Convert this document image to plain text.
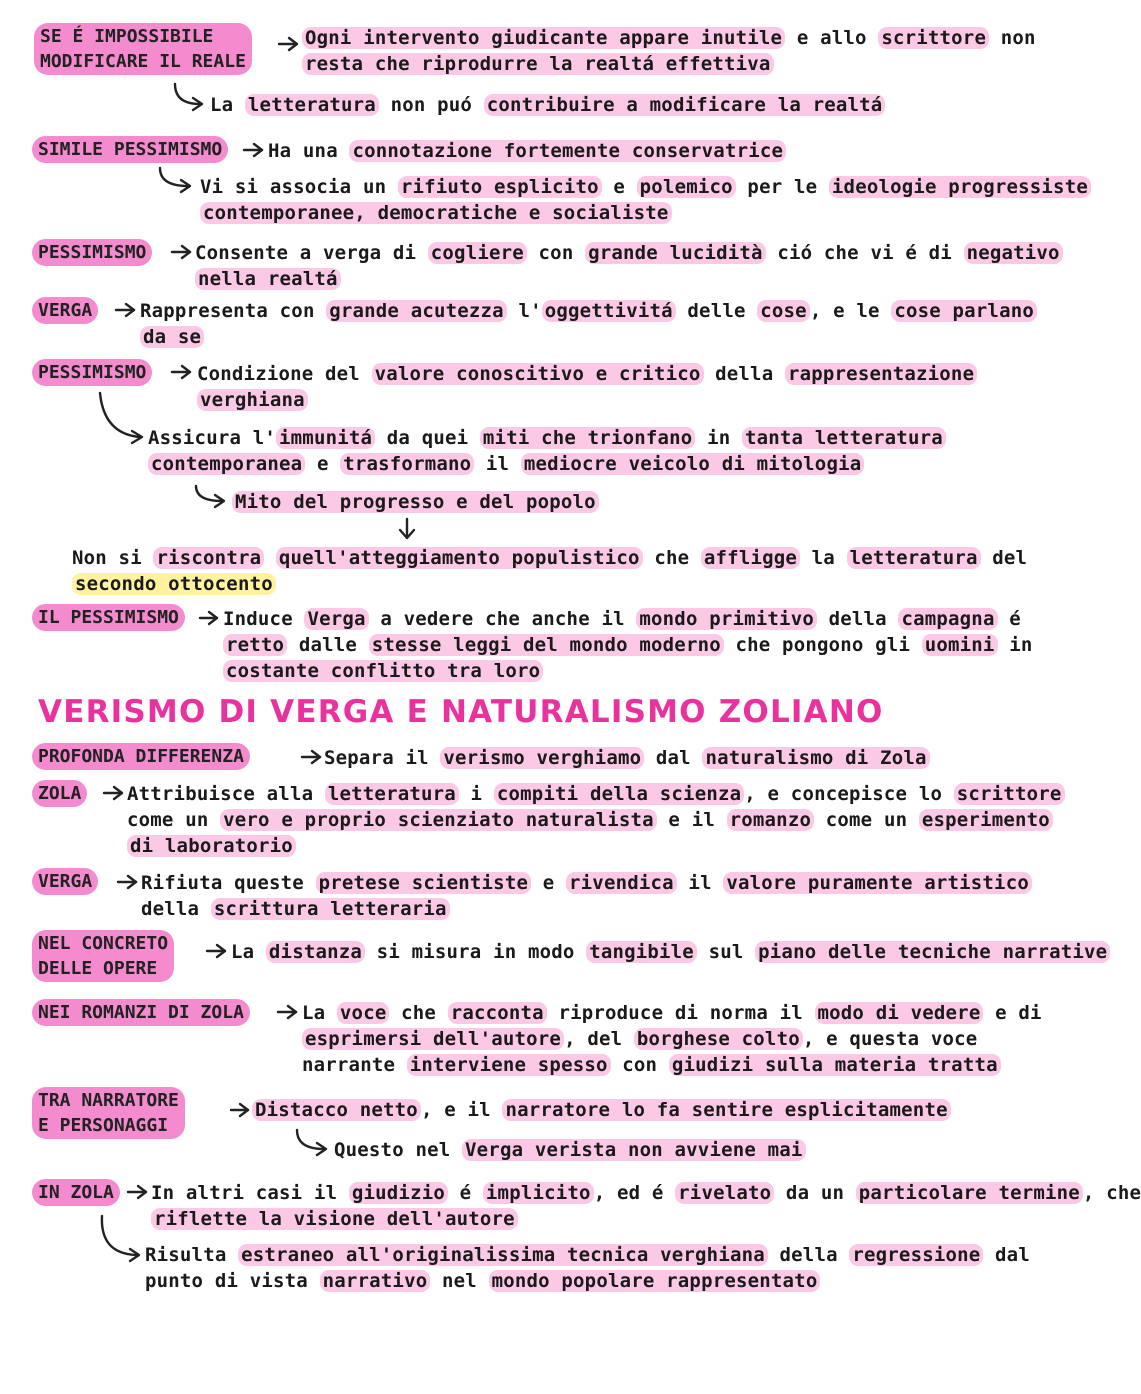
SE É IMPOSSIBILE
MODIFICARE IL REALE
Ogni intervento giudicante appare inutile e allo scrittore non
resta che riprodurre la realtá effettiva
La letteratura non puó contribuire a modificare la realtá
SIMILE PESSIMISMO Ha una connotazione fortemente conservatrice
Vi si associa un rifiuto esplicito e polemico per le ideologie progressiste
contemporanee, democratiche e socialiste
PESSIMISMO	Consente a verga di cogliere con grande lucidità ció che vi é di negativo
nella realtá
VERGA	Rappresenta con grande acutezza l' oggettivitá delle cose , e le cose parlano
da se
PESSIMISMO	Condizione del valore conoscitivo e critico della rappresentazione
verghiana
Assicura l' immunitá da quei miti che trionfano in tanta letteratura
contemporanea e trasformano il mediocre veicolo di mitologia
Mito del progresso e del popolo
Non si riscontra quell'atteggiamento populistico che affligge la letteratura del
secondo ottocento
IL PESSIMISMO Induce Verga a vedere che anche il mondo primitivo della campagna é
retto dalle stesse leggi del mondo moderno che pongono gli uomini in
costante conflitto tra loro
VERISMO DI VERGA E NATURALISMO ZOLIANO
PROFONDA DIFFERENZA	Separa il verismo verghiamo dal naturalismo di Zola
ZOLA Attribuisce alla letteratura i compiti della scienza , e concepisce lo scrittore
come un vero e proprio scienziato naturalista e il romanzo come un esperimento
di laboratorio
VERGA	Rifiuta queste pretese scientiste e rivendica il valore puramente artistico
della scrittura letteraria
NEL CONCRETO
DELLE OPERE
La distanza si misura in modo tangibile sul piano delle tecniche narrative
NEI ROMANZI DI ZOLA	La voce che racconta riproduce di norma il modo di vedere e di
esprimersi dell'autore , del borghese colto , e questa voce
narrante interviene spesso con giudizi sulla materia tratta
TRA NARRATORE
E PERSONAGGI
Distacco netto , e il narratore lo fa sentire esplicitamente
Questo nel Verga verista non avviene mai
IN ZOLA In altri casi il giudizio é implicito , ed é rivelato da un particolare termine , che
riflette la visione dell'autore
Risulta estraneo all'originalissima tecnica verghiana della regressione dal
punto di vista narrativo nel mondo popolare rappresentato
